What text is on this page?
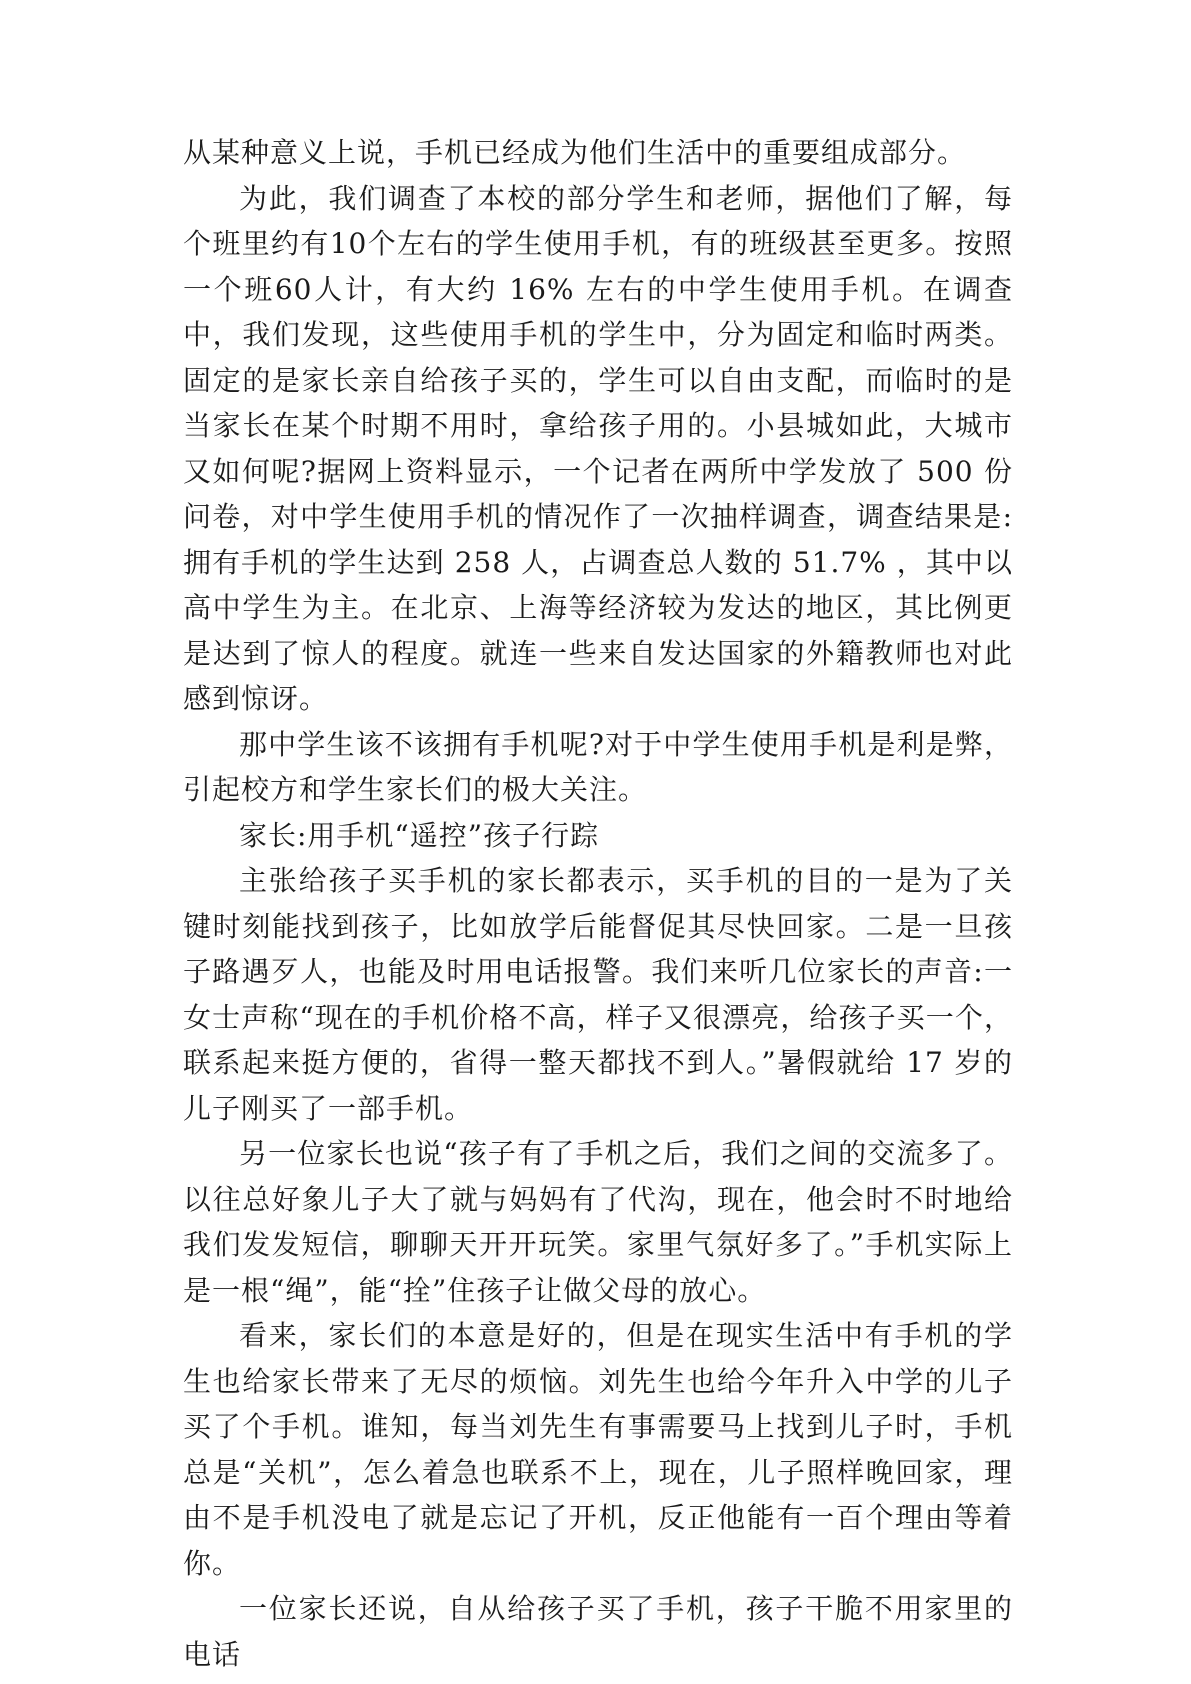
从某种意义上说，手机已经成为他们生活中的重要组成部分。

为此，我们调查了本校的部分学生和老师，据他们了解，每个班里约有10个左右的学生使用手机，有的班级甚至更多。按照一个班60人计，有大约 16% 左右的中学生使用手机。在调查中，我们发现，这些使用手机的学生中，分为固定和临时两类。固定的是家长亲自给孩子买的，学生可以自由支配，而临时的是当家长在某个时期不用时，拿给孩子用的。小县城如此，大城市又如何呢?据网上资料显示，一个记者在两所中学发放了 500 份问卷，对中学生使用手机的情况作了一次抽样调查，调查结果是:拥有手机的学生达到 258 人，占调查总人数的 51.7% ，其中以高中学生为主。在北京、上海等经济较为发达的地区，其比例更是达到了惊人的程度。就连一些来自发达国家的外籍教师也对此感到惊讶。

那中学生该不该拥有手机呢?对于中学生使用手机是利是弊，引起校方和学生家长们的极大关注。

家长:用手机“遥控”孩子行踪

主张给孩子买手机的家长都表示，买手机的目的一是为了关键时刻能找到孩子，比如放学后能督促其尽快回家。二是一旦孩子路遇歹人，也能及时用电话报警。我们来听几位家长的声音:一女士声称“现在的手机价格不高，样子又很漂亮，给孩子买一个，联系起来挺方便的，省得一整天都找不到人。”暑假就给 17 岁的儿子刚买了一部手机。

另一位家长也说“孩子有了手机之后，我们之间的交流多了。以往总好象儿子大了就与妈妈有了代沟，现在，他会时不时地给我们发发短信，聊聊天开开玩笑。家里气氛好多了。”手机实际上是一根“绳”，能“拴”住孩子让做父母的放心。

看来，家长们的本意是好的，但是在现实生活中有手机的学生也给家长带来了无尽的烦恼。刘先生也给今年升入中学的儿子买了个手机。谁知，每当刘先生有事需要马上找到儿子时，手机总是“关机”，怎么着急也联系不上，现在，儿子照样晚回家，理由不是手机没电了就是忘记了开机，反正他能有一百个理由等着你。

一位家长还说，自从给孩子买了手机，孩子干脆不用家里的电话
